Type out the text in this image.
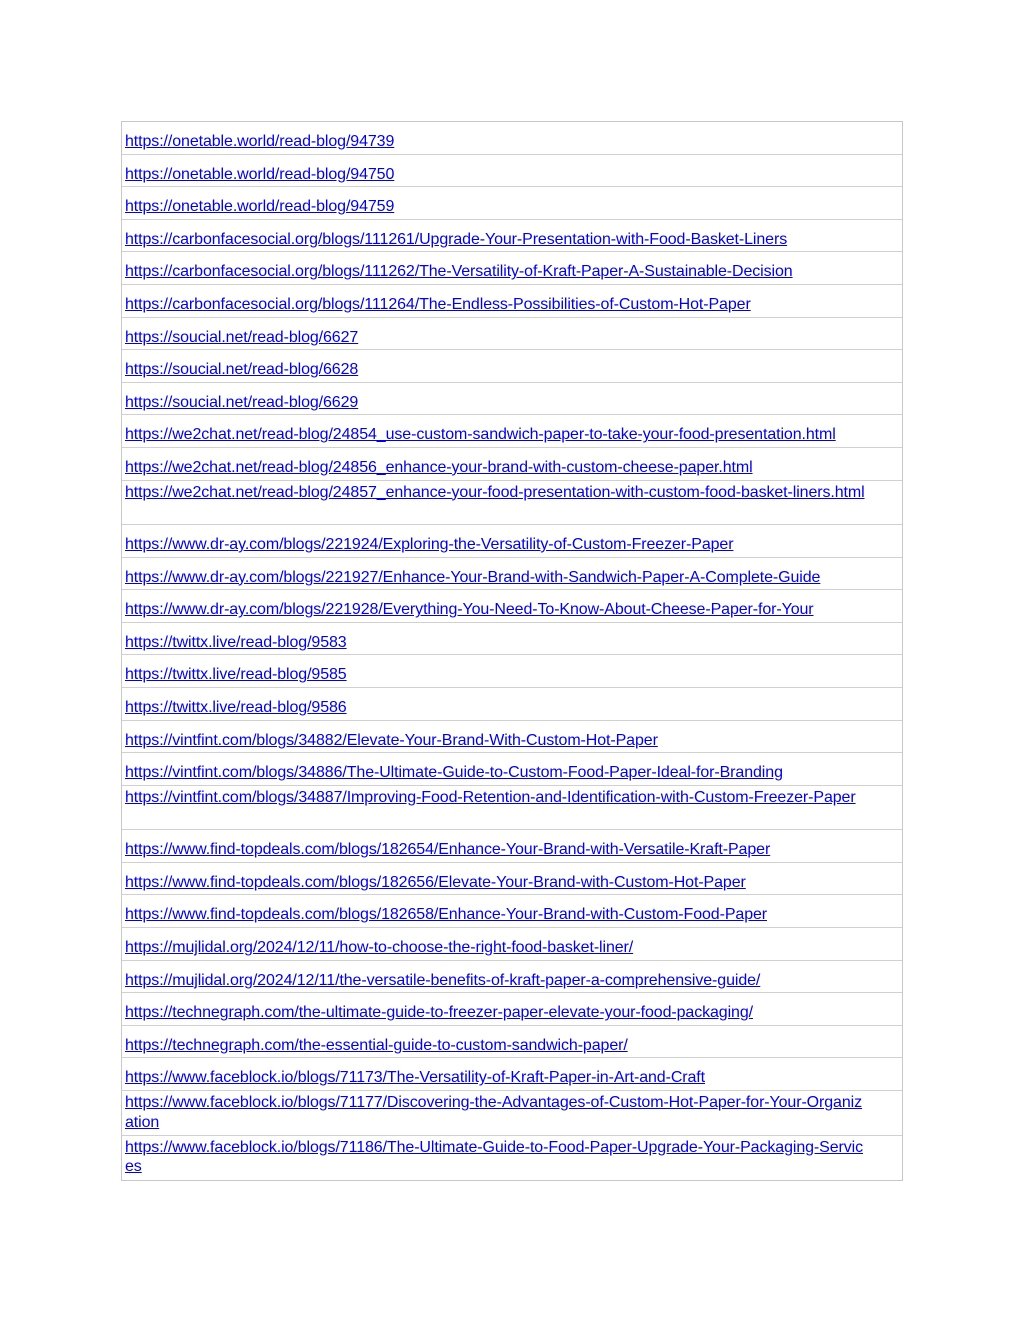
https://onetable.world/read-blog/94739
https://onetable.world/read-blog/94750
https://onetable.world/read-blog/94759
https://carbonfacesocial.org/blogs/111261/Upgrade-Your-Presentation-with-Food-Basket-Liners
https://carbonfacesocial.org/blogs/111262/The-Versatility-of-Kraft-Paper-A-Sustainable-Decision
https://carbonfacesocial.org/blogs/111264/The-Endless-Possibilities-of-Custom-Hot-Paper
https://soucial.net/read-blog/6627
https://soucial.net/read-blog/6628
https://soucial.net/read-blog/6629
https://we2chat.net/read-blog/24854_use-custom-sandwich-paper-to-take-your-food-presentation.html
https://we2chat.net/read-blog/24856_enhance-your-brand-with-custom-cheese-paper.html
https://we2chat.net/read-blog/24857_enhance-your-food-presentation-with-custom-food-basket-liners.html
https://www.dr-ay.com/blogs/221924/Exploring-the-Versatility-of-Custom-Freezer-Paper
https://www.dr-ay.com/blogs/221927/Enhance-Your-Brand-with-Sandwich-Paper-A-Complete-Guide
https://www.dr-ay.com/blogs/221928/Everything-You-Need-To-Know-About-Cheese-Paper-for-Your
https://twittx.live/read-blog/9583
https://twittx.live/read-blog/9585
https://twittx.live/read-blog/9586
https://vintfint.com/blogs/34882/Elevate-Your-Brand-With-Custom-Hot-Paper
https://vintfint.com/blogs/34886/The-Ultimate-Guide-to-Custom-Food-Paper-Ideal-for-Branding
https://vintfint.com/blogs/34887/Improving-Food-Retention-and-Identification-with-Custom-Freezer-Paper
https://www.find-topdeals.com/blogs/182654/Enhance-Your-Brand-with-Versatile-Kraft-Paper
https://www.find-topdeals.com/blogs/182656/Elevate-Your-Brand-with-Custom-Hot-Paper
https://www.find-topdeals.com/blogs/182658/Enhance-Your-Brand-with-Custom-Food-Paper
https://mujlidal.org/2024/12/11/how-to-choose-the-right-food-basket-liner/
https://mujlidal.org/2024/12/11/the-versatile-benefits-of-kraft-paper-a-comprehensive-guide/
https://technegraph.com/the-ultimate-guide-to-freezer-paper-elevate-your-food-packaging/
https://technegraph.com/the-essential-guide-to-custom-sandwich-paper/
https://www.faceblock.io/blogs/71173/The-Versatility-of-Kraft-Paper-in-Art-and-Craft
https://www.faceblock.io/blogs/71177/Discovering-the-Advantages-of-Custom-Hot-Paper-for-Your-Organization
https://www.faceblock.io/blogs/71186/The-Ultimate-Guide-to-Food-Paper-Upgrade-Your-Packaging-Services
